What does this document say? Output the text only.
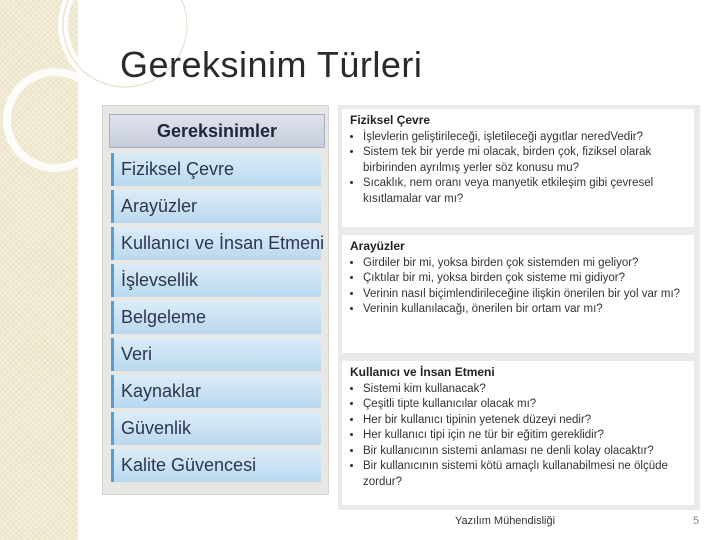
Gereksinim Türleri
Gereksinimler
Fiziksel Çevre
Arayüzler
Kullanıcı ve İnsan Etmeni
İşlevsellik
Belgeleme
Veri
Kaynaklar
Güvenlik
Kalite Güvencesi
Fiziksel Çevre
• İşlevlerin geliştirileceği, işletileceği aygıtlar neredVedir?
• Sistem tek bir yerde mi olacak, birden çok, fiziksel olarak birbirinden ayrılmış yerler söz konusu mu?
• Sıcaklık, nem oranı veya manyetik etkileşim gibi çevresel kısıtlamalar var mı?
Arayüzler
• Girdiler bir mi, yoksa birden çok sistemden mi geliyor?
• Çıktılar bir mi, yoksa birden çok sisteme mi gidiyor?
• Verinin nasıl biçimlendirileceğine ilişkin önerilen bir yol var mı?
• Verinin kullanılacağı, önerilen bir ortam var mı?
Kullanıcı ve İnsan Etmeni
• Sistemi kim kullanacak?
• Çeşitli tipte kullanıcılar olacak mı?
• Her bir kullanıcı tipinin yetenek düzeyi nedir?
• Her kullanıcı tipi için ne tür bir eğitim gereklidir?
• Bir kullanıcının sistemi anlaması ne denli kolay olacaktır?
• Bir kullanıcının sistemi kötü amaçlı kullanabilmesi ne ölçüde zordur?
Yazılım Mühendisliği	5
